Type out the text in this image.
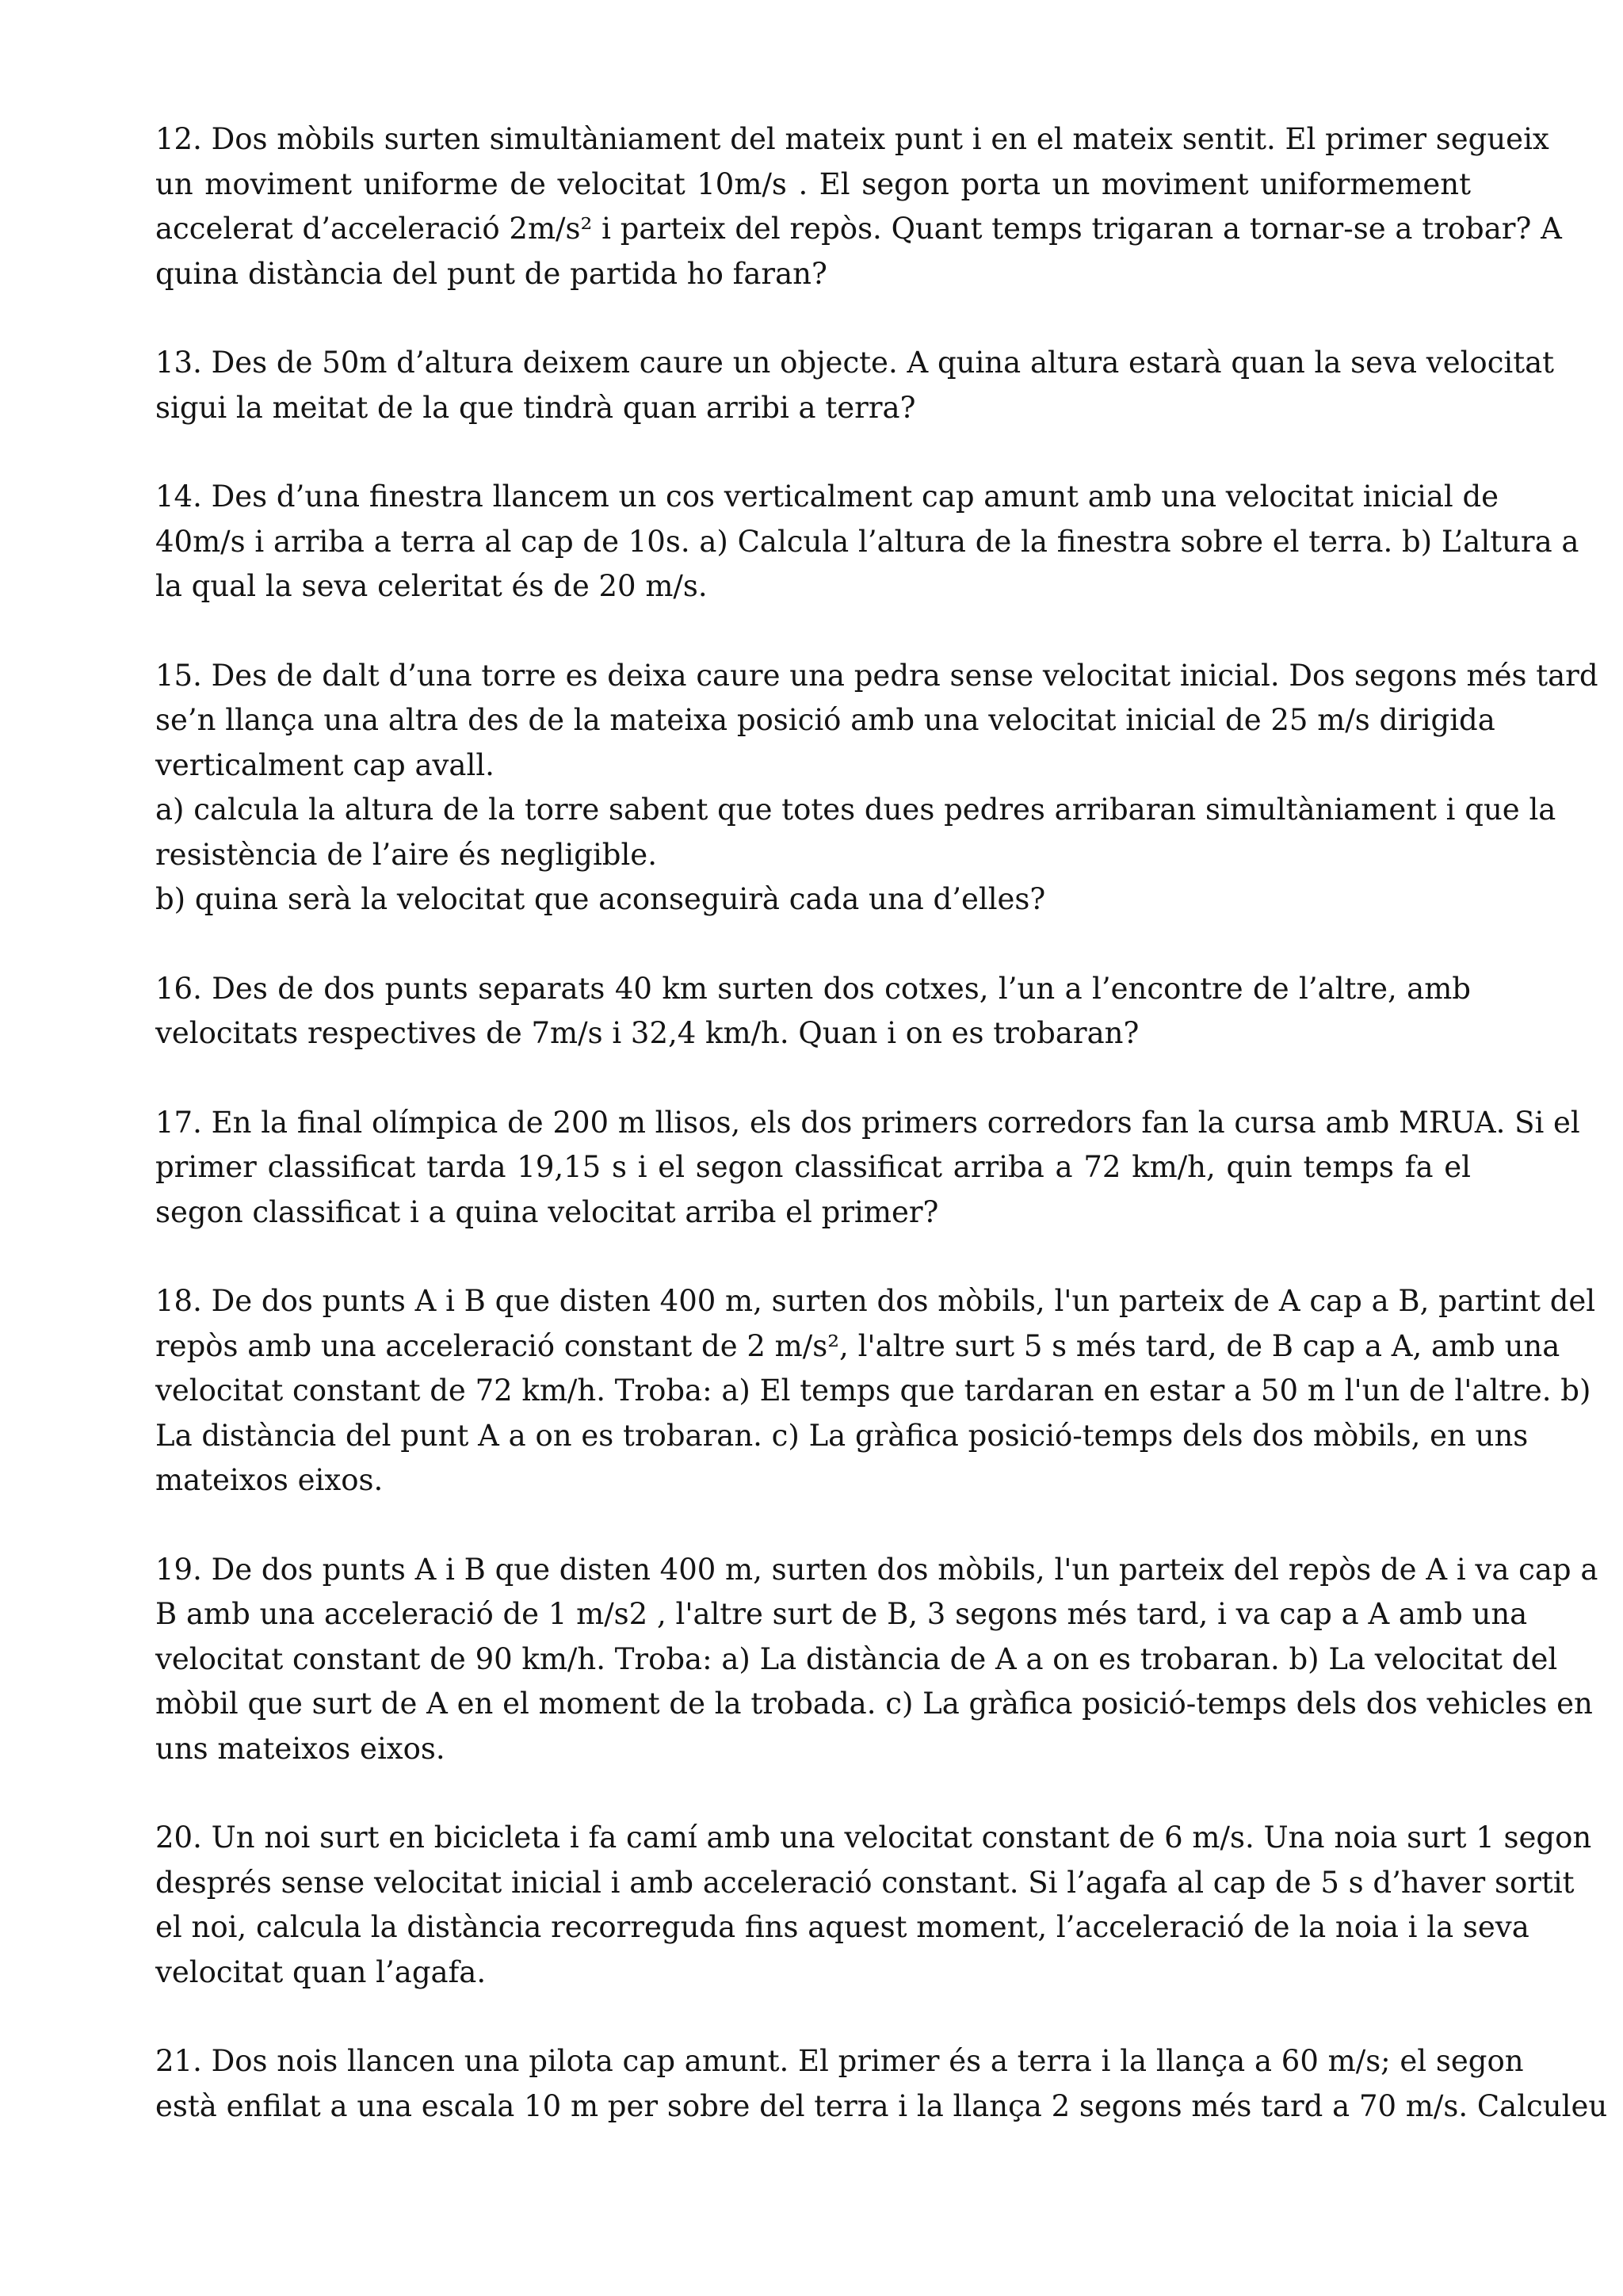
12. Dos mòbils surten simultàniament del mateix punt i en el mateix sentit. El primer segueix
un moviment uniforme de velocitat 10m/s . El segon porta un moviment uniformement
accelerat d’acceleració 2m/s² i parteix del repòs. Quant temps trigaran a tornar-se a trobar? A
quina distància del punt de partida ho faran?
13. Des de 50m d’altura deixem caure un objecte. A quina altura estarà quan la seva velocitat
sigui la meitat de la que tindrà quan arribi a terra?
14. Des d’una finestra llancem un cos verticalment cap amunt amb una velocitat inicial de
40m/s i arriba a terra al cap de 10s. a) Calcula l’altura de la finestra sobre el terra. b) L’altura a
la qual la seva celeritat és de 20 m/s.
15. Des de dalt d’una torre es deixa caure una pedra sense velocitat inicial. Dos segons més tard
se’n llança una altra des de la mateixa posició amb una velocitat inicial de 25 m/s dirigida
verticalment cap avall.
a) calcula la altura de la torre sabent que totes dues pedres arribaran simultàniament i que la
resistència de l’aire és negligible.
b) quina serà la velocitat que aconseguirà cada una d’elles?
16. Des de dos punts separats 40 km surten dos cotxes, l’un a l’encontre de l’altre, amb
velocitats respectives de 7m/s i 32,4 km/h. Quan i on es trobaran?
17. En la final olímpica de 200 m llisos, els dos primers corredors fan la cursa amb MRUA. Si el
primer classificat tarda 19,15 s i el segon classificat arriba a 72 km/h, quin temps fa el
segon classificat i a quina velocitat arriba el primer?
18. De dos punts A i B que disten 400 m, surten dos mòbils, l'un parteix de A cap a B, partint del
repòs amb una acceleració constant de 2 m/s², l'altre surt 5 s més tard, de B cap a A, amb una
velocitat constant de 72 km/h. Troba: a) El temps que tardaran en estar a 50 m l'un de l'altre. b)
La distància del punt A a on es trobaran. c) La gràfica posició-temps dels dos mòbils, en uns
mateixos eixos.
19. De dos punts A i B que disten 400 m, surten dos mòbils, l'un parteix del repòs de A i va cap a
B amb una acceleració de 1 m/s2 , l'altre surt de B, 3 segons més tard, i va cap a A amb una
velocitat constant de 90 km/h. Troba: a) La distància de A a on es trobaran. b) La velocitat del
mòbil que surt de A en el moment de la trobada. c) La gràfica posició-temps dels dos vehicles en
uns mateixos eixos.
20. Un noi surt en bicicleta i fa camí amb una velocitat constant de 6 m/s. Una noia surt 1 segon
després sense velocitat inicial i amb acceleració constant. Si l’agafa al cap de 5 s d’haver sortit
el noi, calcula la distància recorreguda fins aquest moment, l’acceleració de la noia i la seva
velocitat quan l’agafa.
21. Dos nois llancen una pilota cap amunt. El primer és a terra i la llança a 60 m/s; el segon
està enfilat a una escala 10 m per sobre del terra i la llança 2 segons més tard a 70 m/s. Calculeu
